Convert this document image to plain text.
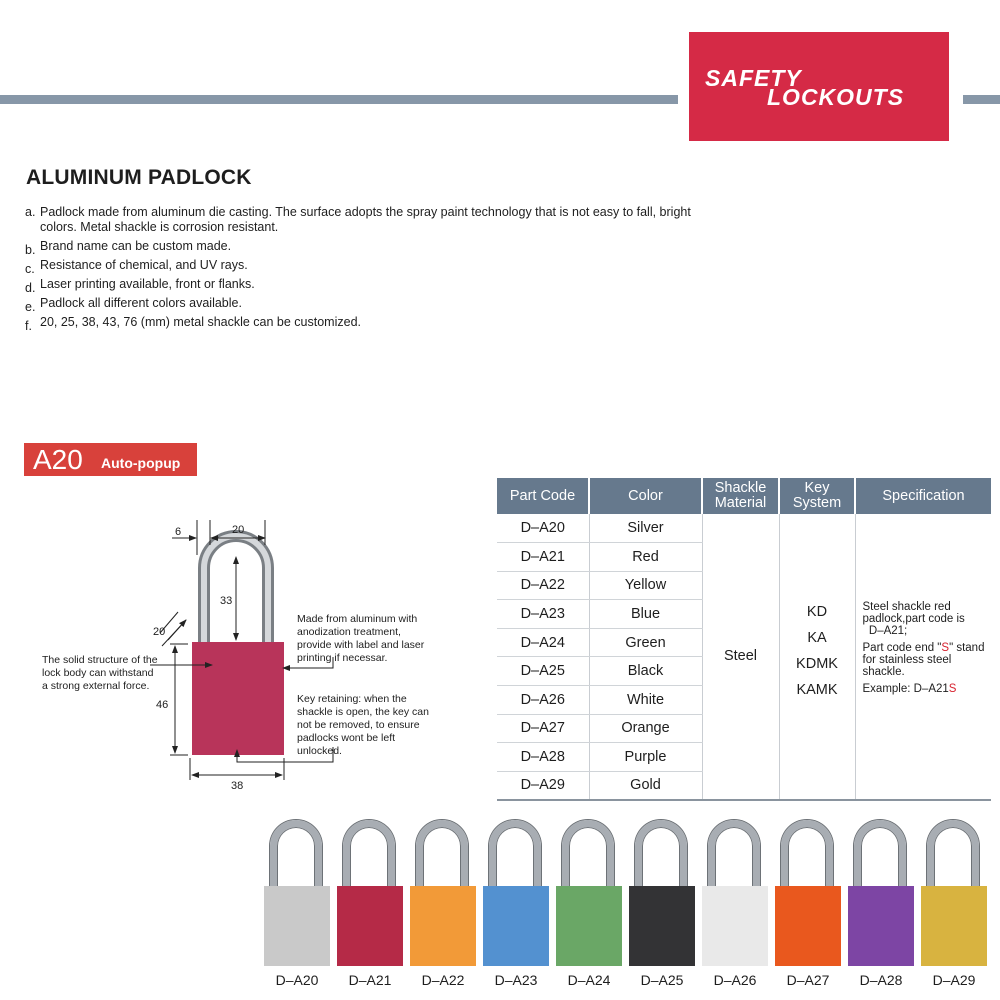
SAFETY
LOCKOUTS
ALUMINUM PADLOCK
a. Padlock made from aluminum die casting. The surface adopts the spray paint technology that is not easy to fall, bright colors. Metal shackle is corrosion resistant.
b. Brand name can be custom made.
c. Resistance of chemical, and UV rays.
d. Laser printing available, front or flanks.
e. Padlock all different colors available.
f. 20, 25, 38, 43, 76 (mm) metal shackle can be customized.
A20 Auto-popup
6	20
33
20
46
38

The solid structure of the lock body can withstand a strong external force.

Made from aluminum with anodization treatment, provide with label and laser printing if necessar.

Key retaining: when the shackle is open, the key can not be removed, to ensure padlocks wont be left unlocked.

Part Code	Color	Shackle Material	Key System	Specification
D–A20	Silver	Steel	
KD
KA
KDMK
KAMK

Steel shackle red padlock,part code is
D–A21;

Part code end "S" stand for stainless steel shackle.

Example: D–A21S

D–A21	Red			
D–A22	Yellow			
D–A23	Blue			
D–A24	Green			
D–A25	Black			
D–A26	White			
D–A27	Orange			
D–A28	Purple			
D–A29	Gold			
D–A20	D–A21	D–A22	D–A23	D–A24	D–A25	D–A26	D–A27	D–A28	D–A29
